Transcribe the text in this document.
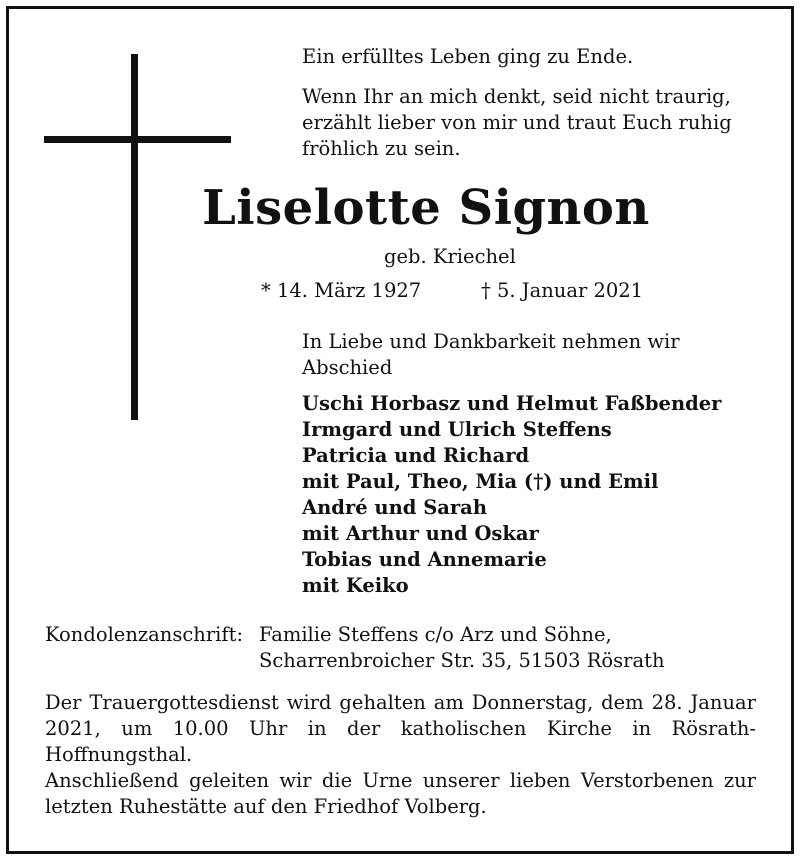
Ein erfülltes Leben ging zu Ende.

Wenn Ihr an mich denkt, seid nicht traurig, erzählt lieber von mir und traut Euch ruhig fröhlich zu sein.

Liselotte Signon
geb. Kriechel
* 14. März 1927	† 5. Januar 2021
In Liebe und Dankbarkeit nehmen wir Abschied
Uschi Horbasz und Helmut Faßbender
Irmgard und Ulrich Steffens
Patricia und Richard
mit Paul, Theo, Mia (†) und Emil
André und Sarah
mit Arthur und Oskar
Tobias und Annemarie
mit Keiko
Kondolenzanschrift: Familie Steffens c/o Arz und Söhne,
Scharrenbroicher Str. 35, 51503 Rösrath

Der Trauergottesdienst wird gehalten am Donnerstag, dem 28. Januar 2021, um 10.00 Uhr in der katholischen Kirche in Rösrath-Hoffnungsthal.

Anschließend geleiten wir die Urne unserer lieben Verstorbenen zur letzten Ruhestätte auf den Friedhof Volberg.
